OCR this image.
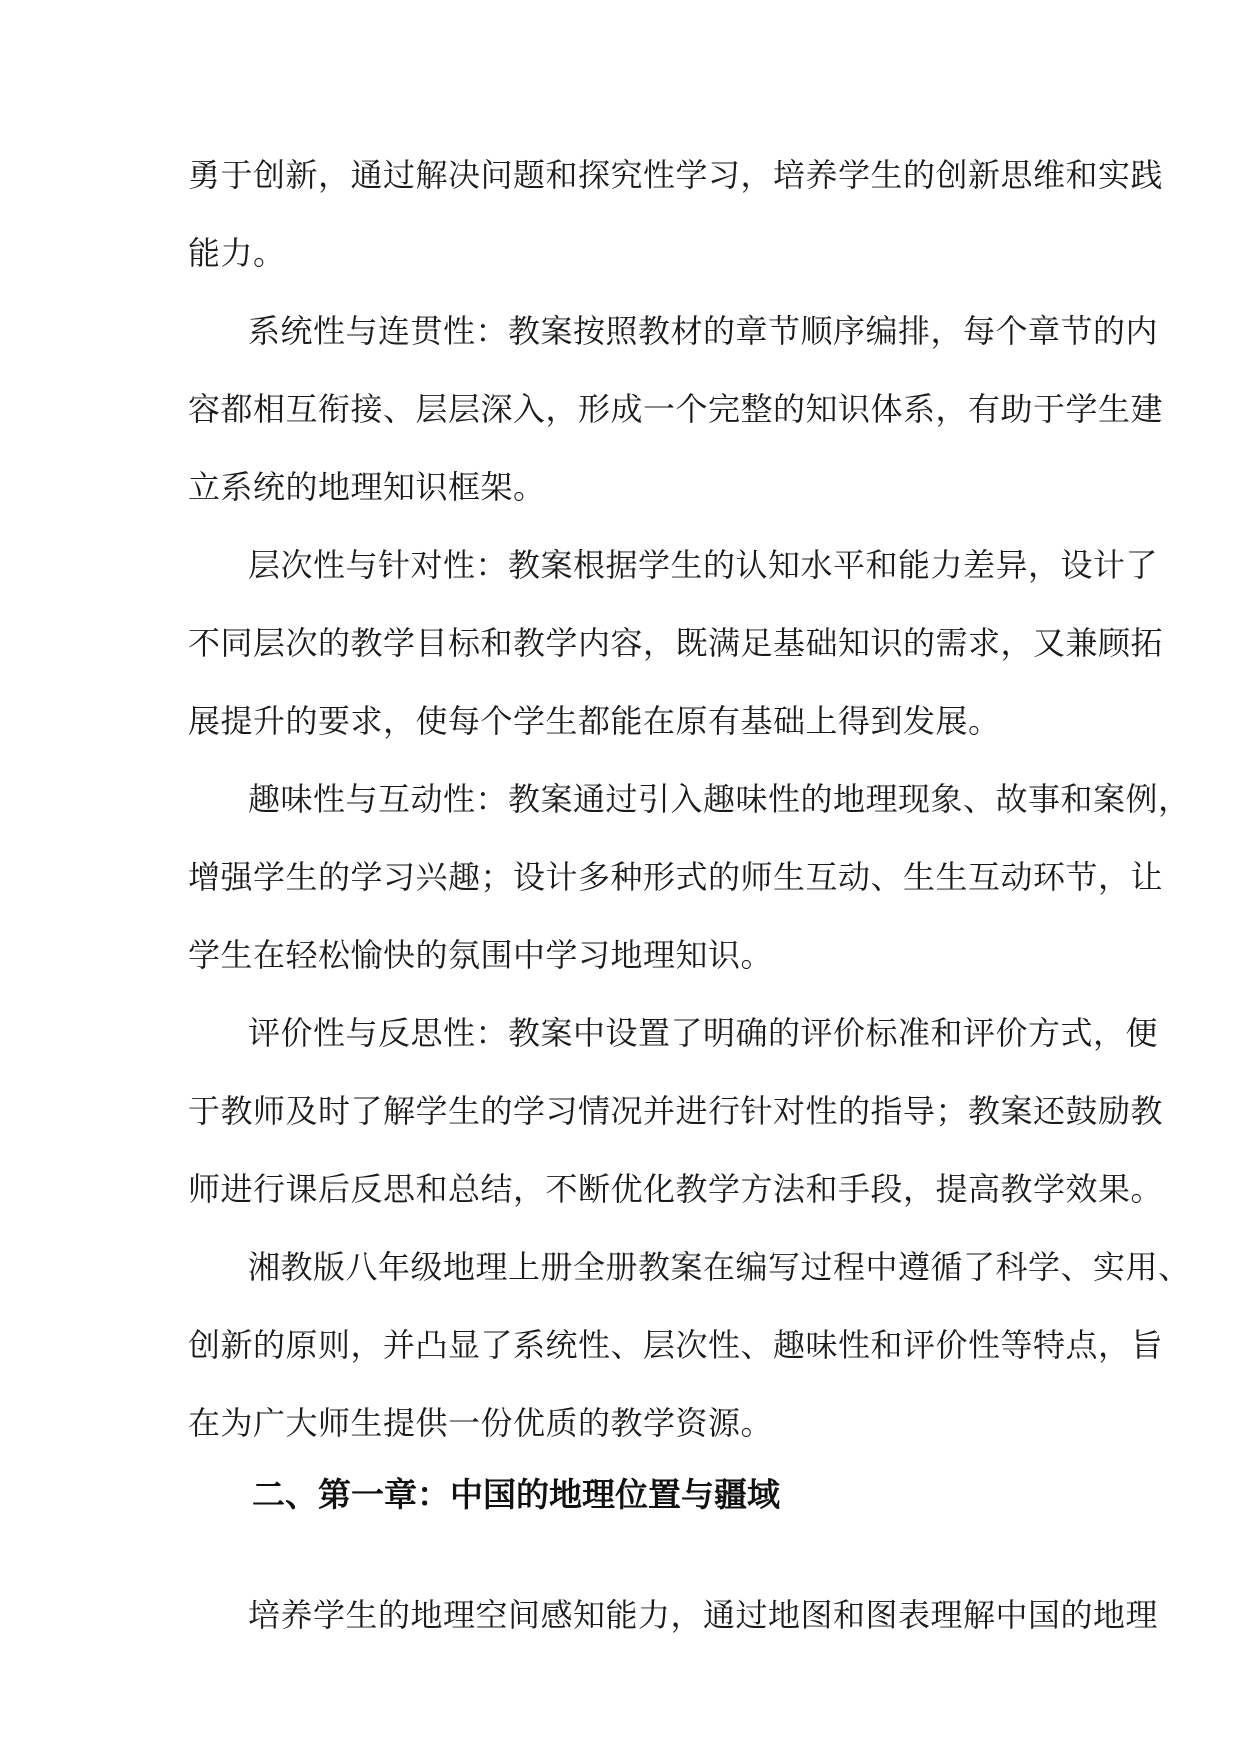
勇于创新，通过解决问题和探究性学习，培养学生的创新思维和实践
能力。
系统性与连贯性：教案按照教材的章节顺序编排，每个章节的内
容都相互衔接、层层深入，形成一个完整的知识体系，有助于学生建
立系统的地理知识框架。
层次性与针对性：教案根据学生的认知水平和能力差异，设计了
不同层次的教学目标和教学内容，既满足基础知识的需求，又兼顾拓
展提升的要求，使每个学生都能在原有基础上得到发展。
趣味性与互动性：教案通过引入趣味性的地理现象、故事和案例，
增强学生的学习兴趣；设计多种形式的师生互动、生生互动环节，让
学生在轻松愉快的氛围中学习地理知识。
评价性与反思性：教案中设置了明确的评价标准和评价方式，便
于教师及时了解学生的学习情况并进行针对性的指导；教案还鼓励教
师进行课后反思和总结，不断优化教学方法和手段，提高教学效果。
湘教版八年级地理上册全册教案在编写过程中遵循了科学、实用、
创新的原则，并凸显了系统性、层次性、趣味性和评价性等特点，旨
在为广大师生提供一份优质的教学资源。
二、第一章：中国的地理位置与疆域
培养学生的地理空间感知能力，通过地图和图表理解中国的地理
